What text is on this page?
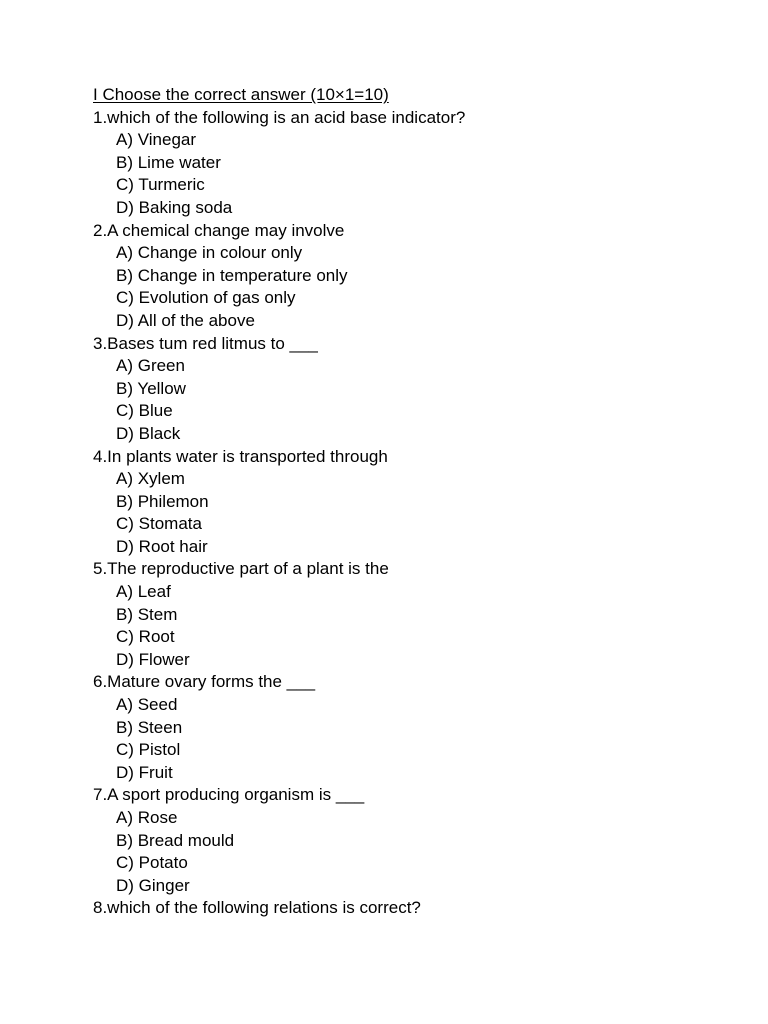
I Choose the correct answer (10×1=10)
1.which of the following is an acid base indicator?
A) Vinegar
B) Lime water
C) Turmeric
D) Baking soda
2.A chemical change may involve
A) Change in colour only
B) Change in temperature only
C) Evolution of gas only
D) All of the above
3.Bases tum red litmus to ___
A) Green
B) Yellow
C) Blue
D) Black
4.In plants water is transported through
A) Xylem
B) Philemon
C) Stomata
D) Root hair
5.The reproductive part of a plant is the
A) Leaf
B) Stem
C) Root
D) Flower
6.Mature ovary forms the ___
A) Seed
B) Steen
C) Pistol
D) Fruit
7.A sport producing organism is ___
A) Rose
B) Bread mould
C) Potato
D) Ginger
8.which of the following relations is correct?
